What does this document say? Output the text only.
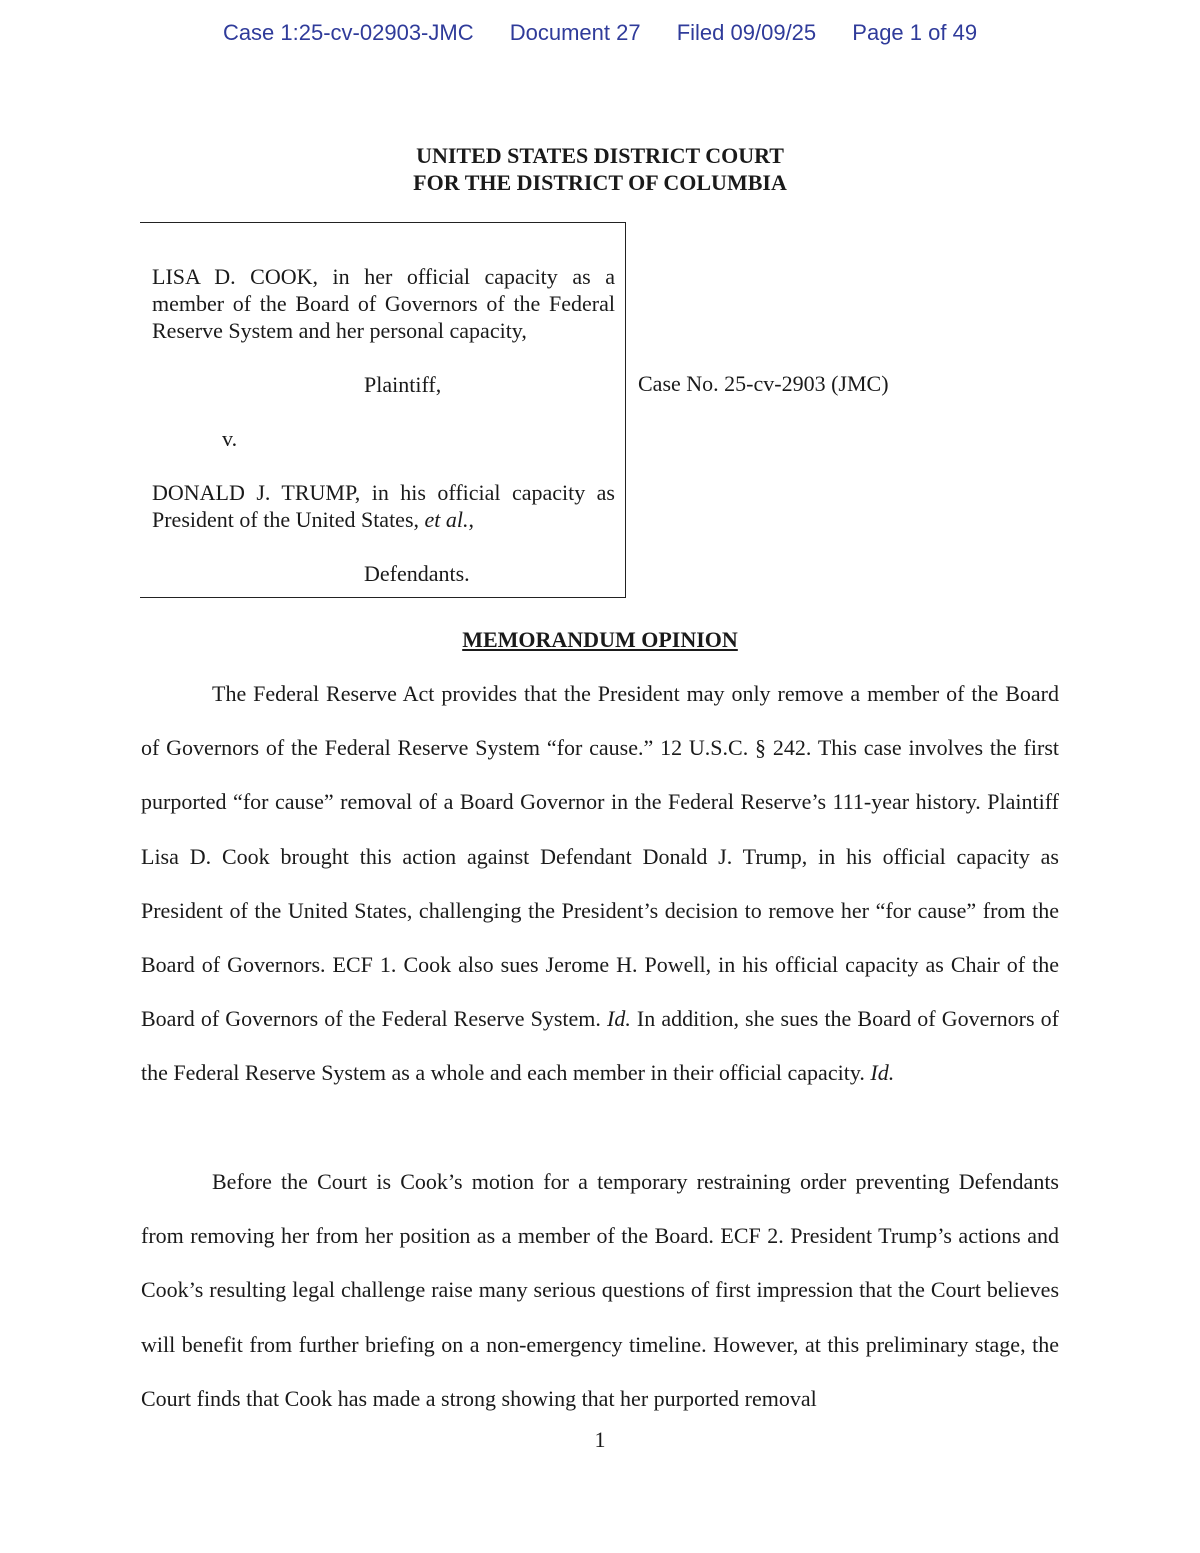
Case 1:25-cv-02903-JMC Document 27 Filed 09/09/25 Page 1 of 49
UNITED STATES DISTRICT COURT
FOR THE DISTRICT OF COLUMBIA
LISA D. COOK, in her official capacity as a member of the Board of Governors of the Federal Reserve System and her personal capacity,
Plaintiff,
v.
DONALD J. TRUMP, in his official capacity as President of the United States, et al.,
Defendants.
Case No. 25-cv-2903 (JMC)
MEMORANDUM OPINION

The Federal Reserve Act provides that the President may only remove a member of the Board of Governors of the Federal Reserve System “for cause.” 12 U.S.C. § 242. This case involves the first purported “for cause” removal of a Board Governor in the Federal Reserve’s 111-year history. Plaintiff Lisa D. Cook brought this action against Defendant Donald J. Trump, in his official capacity as President of the United States, challenging the President’s decision to remove her “for cause” from the Board of Governors. ECF 1. Cook also sues Jerome H. Powell, in his official capacity as Chair of the Board of Governors of the Federal Reserve System. Id. In addition, she sues the Board of Governors of the Federal Reserve System as a whole and each member in their official capacity. Id.

Before the Court is Cook’s motion for a temporary restraining order preventing Defendants from removing her from her position as a member of the Board. ECF 2. President Trump’s actions and Cook’s resulting legal challenge raise many serious questions of first impression that the Court believes will benefit from further briefing on a non-emergency timeline. However, at this preliminary stage, the Court finds that Cook has made a strong showing that her purported removal

1
